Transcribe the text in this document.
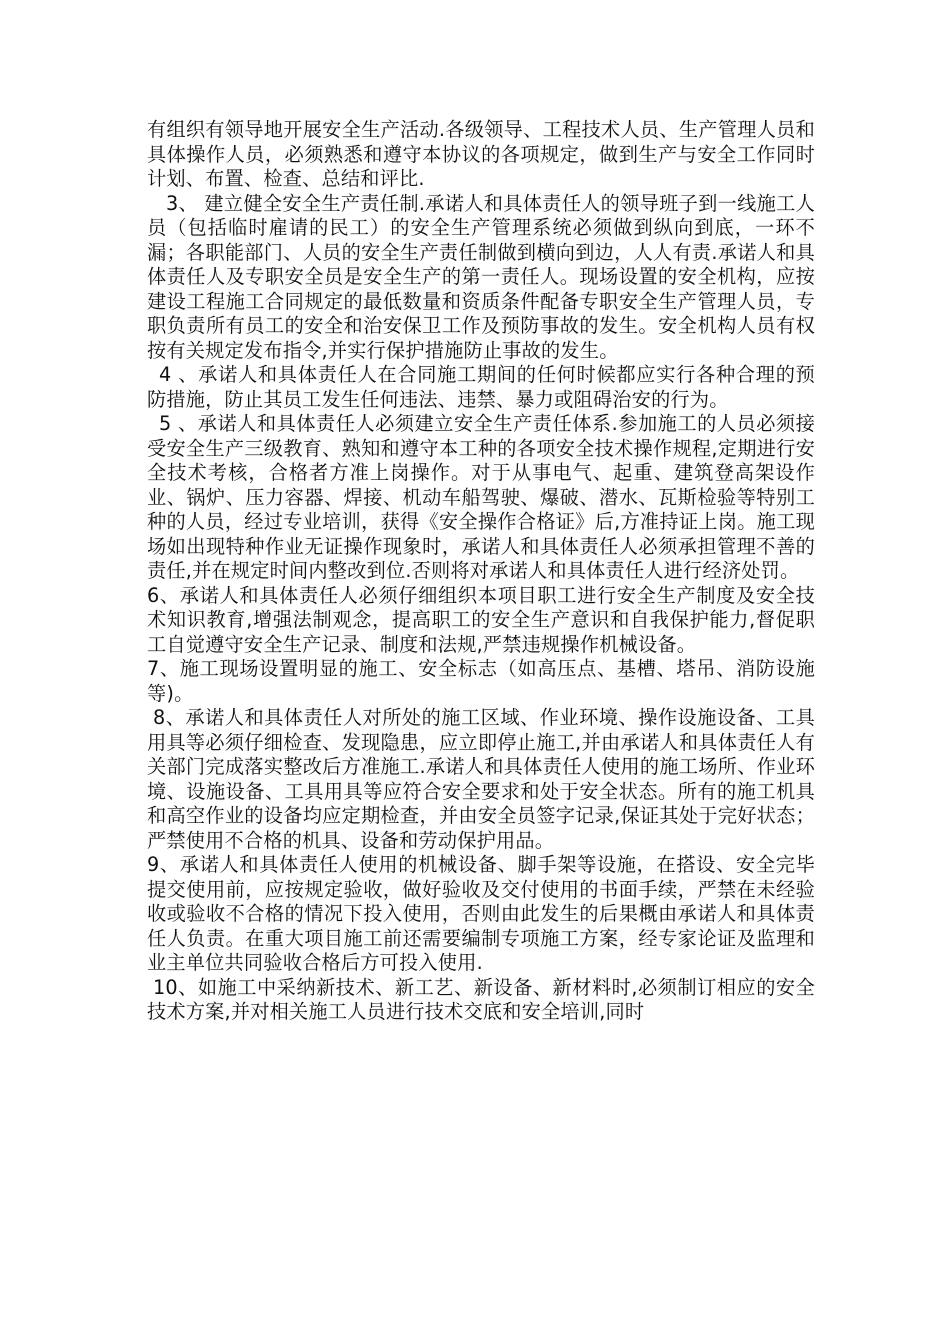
有组织有领导地开展安全生产活动.各级领导、工程技术人员、生产管理人员和具体操作人员，必须熟悉和遵守本协议的各项规定，做到生产与安全工作同时计划、布置、检查、总结和评比.

3、 建立健全安全生产责任制.承诺人和具体责任人的领导班子到一线施工人员（包括临时雇请的民工）的安全生产管理系统必须做到纵向到底，一环不漏；各职能部门、人员的安全生产责任制做到横向到边，人人有责.承诺人和具体责任人及专职安全员是安全生产的第一责任人。现场设置的安全机构，应按建设工程施工合同规定的最低数量和资质条件配备专职安全生产管理人员，专职负责所有员工的安全和治安保卫工作及预防事故的发生。安全机构人员有权按有关规定发布指令,并实行保护措施防止事故的发生。

4 、承诺人和具体责任人在合同施工期间的任何时候都应实行各种合理的预防措施，防止其员工发生任何违法、违禁、暴力或阻碍治安的行为。

5 、承诺人和具体责任人必须建立安全生产责任体系.参加施工的人员必须接受安全生产三级教育、熟知和遵守本工种的各项安全技术操作规程,定期进行安全技术考核，合格者方准上岗操作。对于从事电气、起重、建筑登高架设作业、锅炉、压力容器、焊接、机动车船驾驶、爆破、潜水、瓦斯检验等特别工种的人员，经过专业培训，获得《安全操作合格证》后,方准持证上岗。施工现场如出现特种作业无证操作现象时，承诺人和具体责任人必须承担管理不善的责任,并在规定时间内整改到位.否则将对承诺人和具体责任人进行经济处罚。

6、承诺人和具体责任人必须仔细组织本项目职工进行安全生产制度及安全技术知识教育,增强法制观念，提高职工的安全生产意识和自我保护能力,督促职工自觉遵守安全生产记录、制度和法规,严禁违规操作机械设备。

7、施工现场设置明显的施工、安全标志（如高压点、基槽、塔吊、消防设施等)。

8、承诺人和具体责任人对所处的施工区域、作业环境、操作设施设备、工具用具等必须仔细检查、发现隐患，应立即停止施工,并由承诺人和具体责任人有关部门完成落实整改后方准施工.承诺人和具体责任人使用的施工场所、作业环境、设施设备、工具用具等应符合安全要求和处于安全状态。所有的施工机具和高空作业的设备均应定期检查，并由安全员签字记录,保证其处于完好状态；严禁使用不合格的机具、设备和劳动保护用品。

9、承诺人和具体责任人使用的机械设备、脚手架等设施，在搭设、安全完毕提交使用前，应按规定验收，做好验收及交付使用的书面手续，严禁在未经验收或验收不合格的情况下投入使用，否则由此发生的后果概由承诺人和具体责任人负责。在重大项目施工前还需要编制专项施工方案，经专家论证及监理和业主单位共同验收合格后方可投入使用.

10、如施工中采纳新技术、新工艺、新设备、新材料时,必须制订相应的安全技术方案,并对相关施工人员进行技术交底和安全培训,同时
